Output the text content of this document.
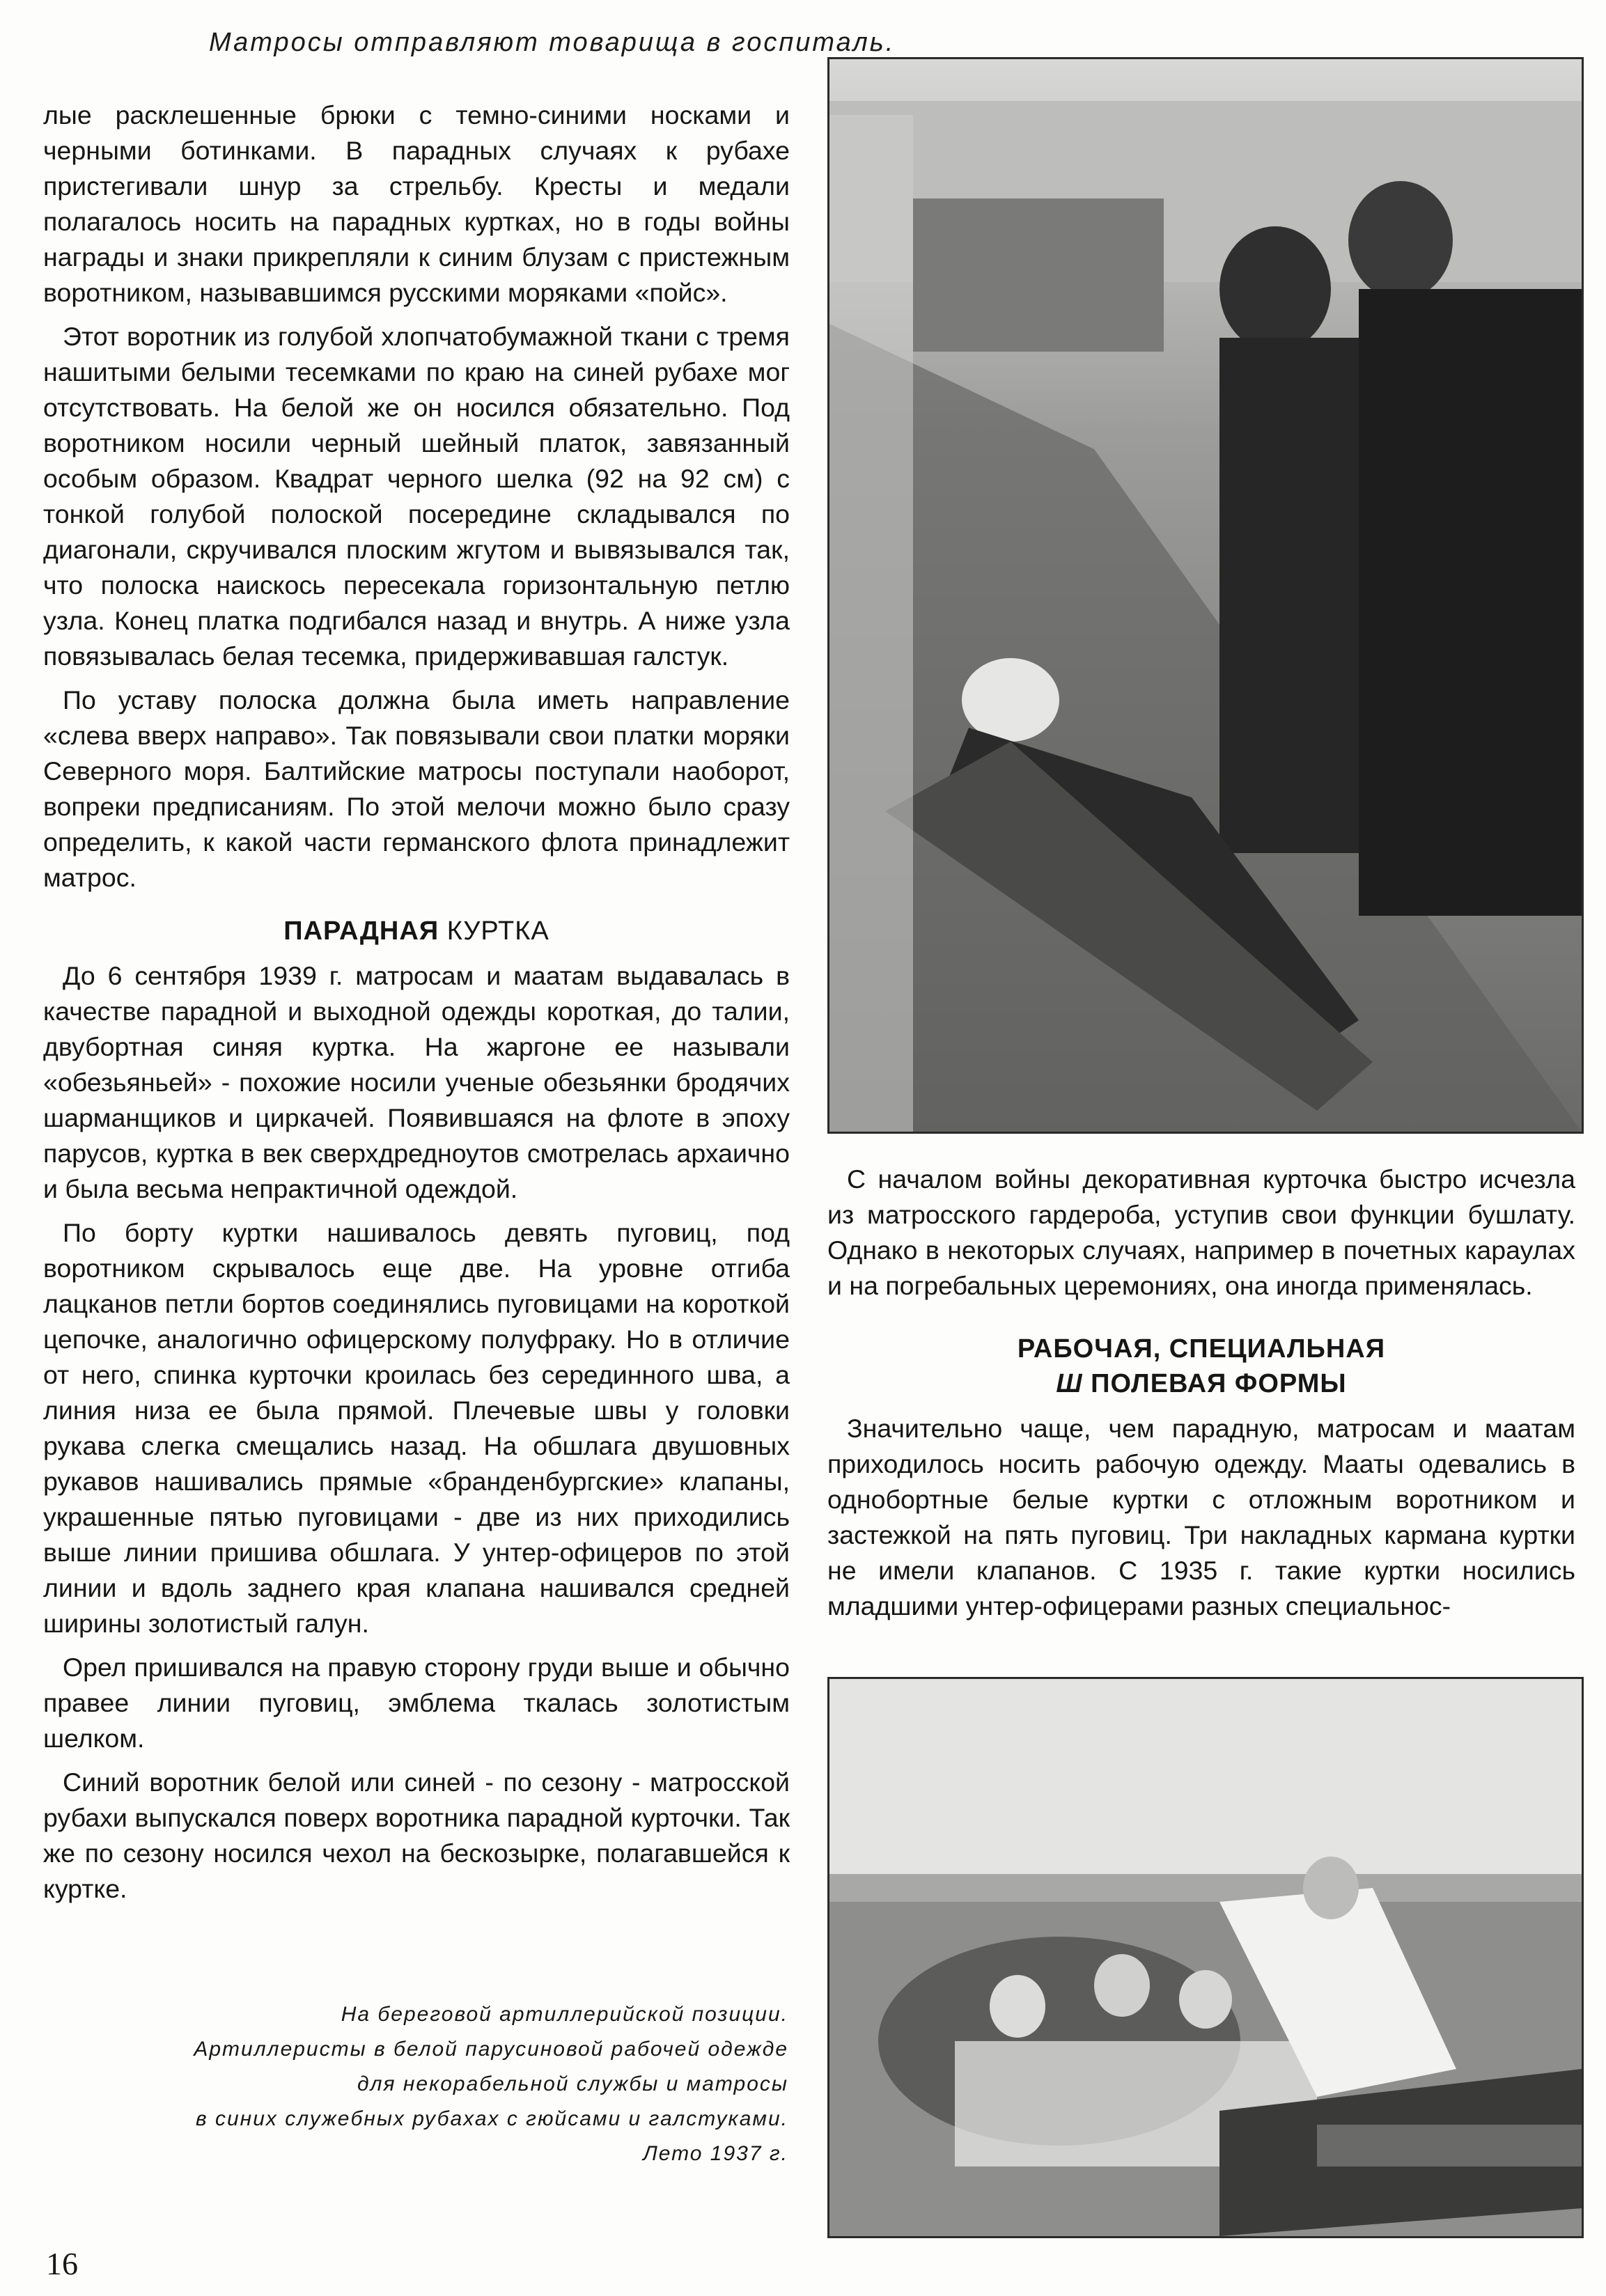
Матросы отправляют товарища в госпиталь.

лые расклешенные брюки с темно-синими носками и черными ботинками. В парадных случаях к рубахе пристегивали шнур за стрельбу. Кресты и медали полагалось носить на парадных куртках, но в годы войны награды и знаки прикрепляли к синим блузам с пристежным воротником, называвшимся русскими моряками «пойс».

Этот воротник из голубой хлопчатобумажной ткани с тремя нашитыми белыми тесемками по краю на синей рубахе мог отсутствовать. На белой же он носился обязательно. Под воротником носили черный шейный платок, завязанный особым образом. Квадрат черного шелка (92 на 92 см) с тонкой голубой полоской посередине складывался по диагонали, скручивался плоским жгутом и вывязывался так, что полоска наискось пересекала горизонтальную петлю узла. Конец платка подгибался назад и внутрь. А ниже узла повязывалась белая тесемка, придерживавшая галстук.

По уставу полоска должна была иметь направление «слева вверх направо». Так повязывали свои платки моряки Северного моря. Балтийские матросы поступали наоборот, вопреки предписаниям. По этой мелочи можно было сразу определить, к какой части германского флота принадлежит матрос.

ПАРАДНАЯ КУРТКА

До 6 сентября 1939 г. матросам и маатам выдавалась в качестве парадной и выходной одежды короткая, до талии, двубортная синяя куртка. На жаргоне ее называли «обезьяньей» - похожие носили ученые обезьянки бродячих шарманщиков и циркачей. Появившаяся на флоте в эпоху парусов, куртка в век сверхдредноутов смотрелась архаично и была весьма непрактичной одеждой.

По борту куртки нашивалось девять пуговиц, под воротником скрывалось еще две. На уровне отгиба лацканов петли бортов соединялись пуговицами на короткой цепочке, аналогично офицерскому полуфраку. Но в отличие от него, спинка курточки кроилась без серединного шва, а линия низа ее была прямой. Плечевые швы у головки рукава слегка смещались назад. На обшлага двушовных рукавов нашивались прямые «бранденбургские» клапаны, украшенные пятью пуговицами - две из них приходились выше линии пришива обшлага. У унтер-офицеров по этой линии и вдоль заднего края клапана нашивался средней ширины золотистый галун.

Орел пришивался на правую сторону груди выше и обычно правее линии пуговиц, эмблема ткалась золотистым шелком.

Синий воротник белой или синей - по сезону - матросской рубахи выпускался поверх воротника парадной курточки. Так же по сезону носился чехол на бескозырке, полагавшейся к куртке.

С началом войны декоративная курточка быстро исчезла из матросского гардероба, уступив свои функции бушлату. Однако в некоторых случаях, например в почетных караулах и на погребальных церемониях, она иногда применялась.

РАБОЧАЯ, СПЕЦИАЛЬНАЯ
Ш ПОЛЕВАЯ ФОРМЫ

Значительно чаще, чем парадную, матросам и маатам приходилось носить рабочую одежду. Мааты одевались в однобортные белые куртки с отложным воротником и застежкой на пять пуговиц. Три накладных кармана куртки не имели клапанов. С 1935 г. такие куртки носились младшими унтер-офицерами разных специальнос-

На береговой артиллерийской позиции.
Артиллеристы в белой парусиновой рабочей одежде
для некорабельной службы и матросы
в синих служебных рубахах с гюйсами и галстуками.
Лето 1937 г.
16
